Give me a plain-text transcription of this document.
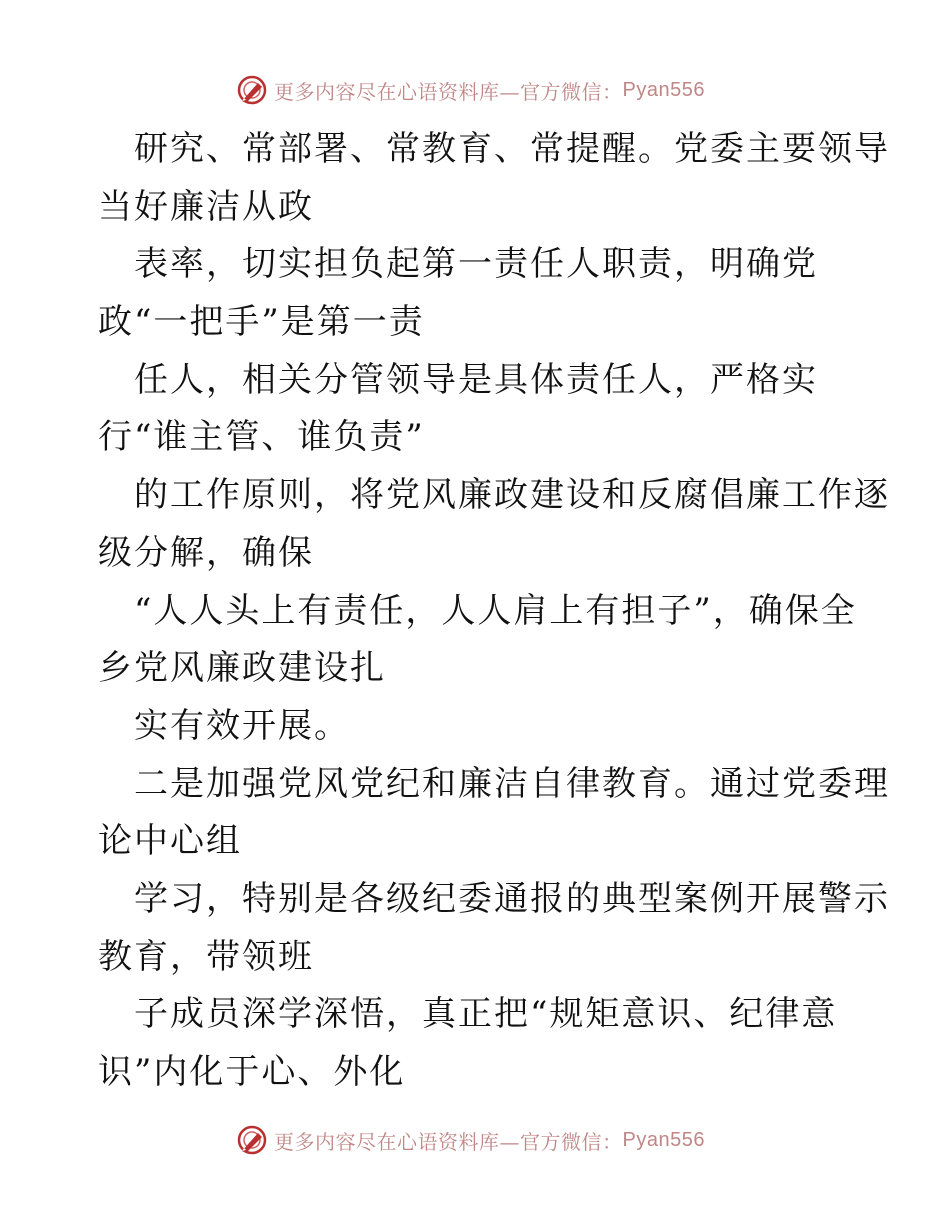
更多内容尽在心语资料库 —官方微信： Pyan556
　研究、常部署、常教育、常提醒。党委主要领导
当好廉洁从政
　表率，切实担负起第一责任人职责，明确党
政“一把手”是第一责
　任人，相关分管领导是具体责任人，严格实
行“谁主管、谁负责”
　的工作原则，将党风廉政建设和反腐倡廉工作逐
级分解，确保
　“人人头上有责任，人人肩上有担子”，确保全
乡党风廉政建设扎
　实有效开展。
　二是加强党风党纪和廉洁自律教育。通过党委理
论中心组
　学习，特别是各级纪委通报的典型案例开展警示
教育，带领班
　子成员深学深悟，真正把“规矩意识、纪律意
识”内化于心、外化
更多内容尽在心语资料库 —官方微信： Pyan556
